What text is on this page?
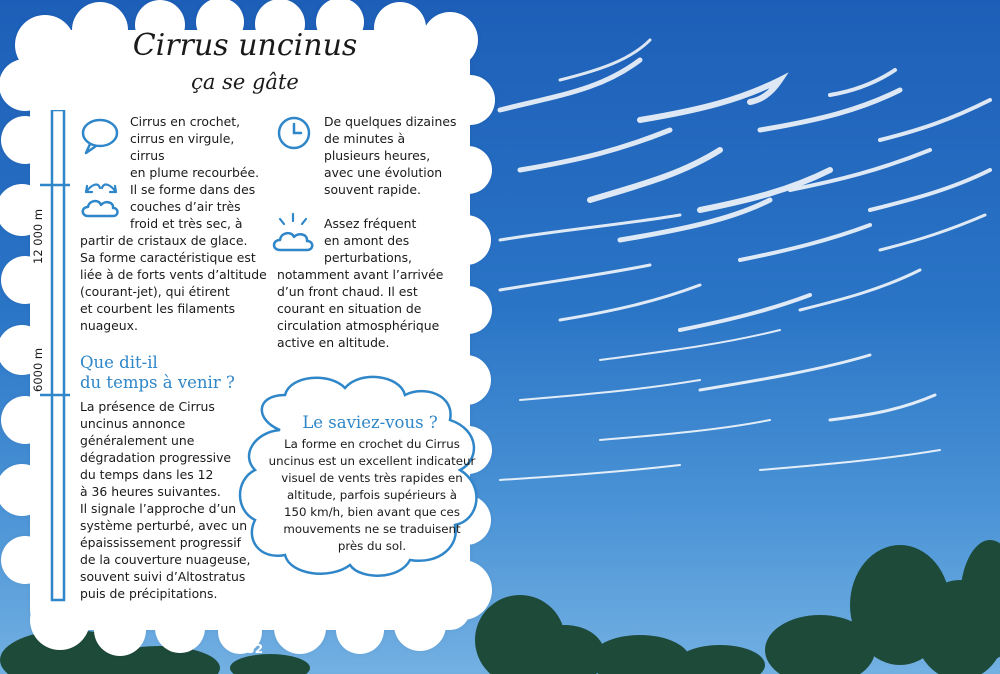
12 000 m
6000 m
Cirrus uncinus
ça se gâte
Cirrus en crochet,
cirrus en virgule, cirrus
en plume recourbée.
De quelques dizaines
de minutes à
plusieurs heures,
avec une évolution
souvent rapide.
Il se forme dans des
couches d’air très
froid et très sec, à
partir de cristaux de glace.
Sa forme caractéristique est
liée à de forts vents d’altitude
(courant-jet), qui étirent
et courbent les filaments
nuageux.
Assez fréquent
en amont des
perturbations,
notamment avant l’arrivée
d’un front chaud. Il est
courant en situation de
circulation atmosphérique
active en altitude.
Que dit-il
du temps à venir ?
La présence de Cirrus
uncinus annonce
généralement une
dégradation progressive
du temps dans les 12
à 36 heures suivantes.
Il signale l’approche d’un
système perturbé, avec un
épaississement progressif
de la couverture nuageuse,
souvent suivi d’Altostratus
puis de précipitations.
Le saviez-vous ?
La forme en crochet du Cirrus
uncinus est un excellent indicateur
visuel de vents très rapides en
altitude, parfois supérieurs à
150 km/h, bien avant que ces
mouvements ne se traduisent
près du sol.
132
